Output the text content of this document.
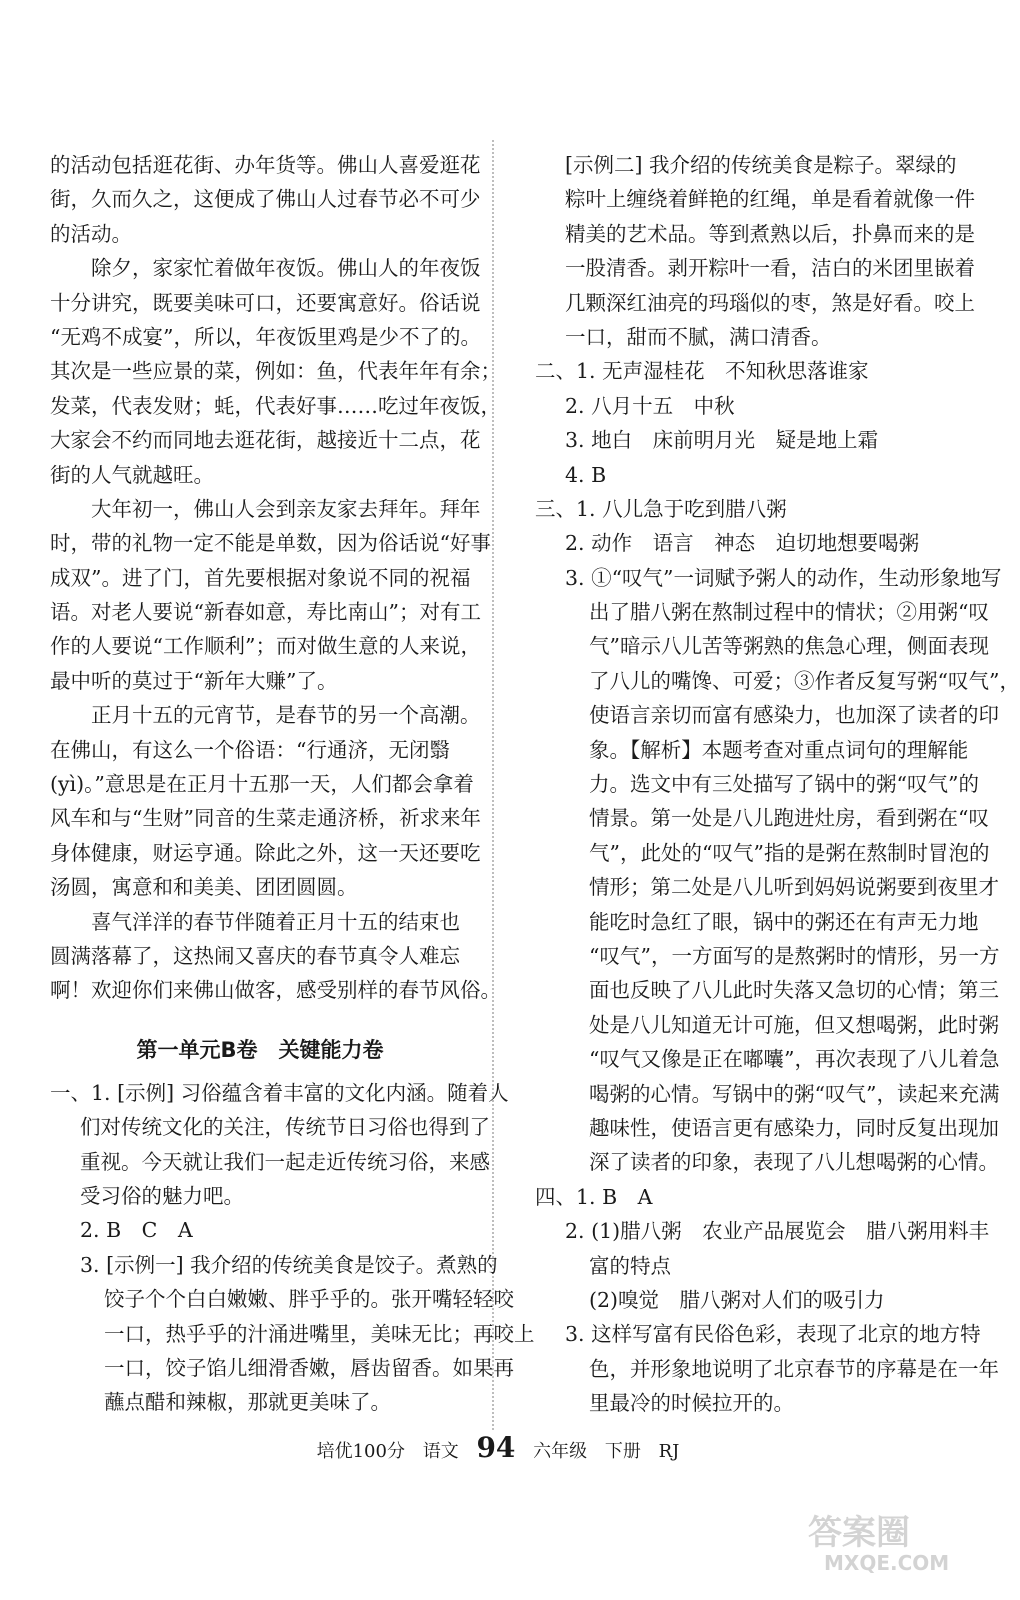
的活动包括逛花街、办年货等。佛山人喜爱逛花
街，久而久之，这便成了佛山人过春节必不可少
的活动。
除夕，家家忙着做年夜饭。佛山人的年夜饭
十分讲究，既要美味可口，还要寓意好。俗话说
“无鸡不成宴”，所以，年夜饭里鸡是少不了的。
其次是一些应景的菜，例如：鱼，代表年年有余；
发菜，代表发财；蚝，代表好事……吃过年夜饭，
大家会不约而同地去逛花街，越接近十二点，花
街的人气就越旺。
大年初一，佛山人会到亲友家去拜年。拜年
时，带的礼物一定不能是单数，因为俗话说“好事
成双”。进了门，首先要根据对象说不同的祝福
语。对老人要说“新春如意，寿比南山”；对有工
作的人要说“工作顺利”；而对做生意的人来说，
最中听的莫过于“新年大赚”了。
正月十五的元宵节，是春节的另一个高潮。
在佛山，有这么一个俗语：“行通济，无闭翳
(yì)。”意思是在正月十五那一天，人们都会拿着
风车和与“生财”同音的生菜走通济桥，祈求来年
身体健康，财运亨通。除此之外，这一天还要吃
汤圆，寓意和和美美、团团圆圆。
喜气洋洋的春节伴随着正月十五的结束也
圆满落幕了，这热闹又喜庆的春节真令人难忘
啊！欢迎你们来佛山做客，感受别样的春节风俗。
第一单元B卷　关键能力卷
一、1. [示例] 习俗蕴含着丰富的文化内涵。随着人
们对传统文化的关注，传统节日习俗也得到了
重视。今天就让我们一起走近传统习俗，来感
受习俗的魅力吧。
2. B　C　A
3. [示例一] 我介绍的传统美食是饺子。煮熟的
饺子个个白白嫩嫩、胖乎乎的。张开嘴轻轻咬
一口，热乎乎的汁涌进嘴里，美味无比；再咬上
一口，饺子馅儿细滑香嫩，唇齿留香。如果再
蘸点醋和辣椒，那就更美味了。
[示例二] 我介绍的传统美食是粽子。翠绿的
粽叶上缠绕着鲜艳的红绳，单是看着就像一件
精美的艺术品。等到煮熟以后，扑鼻而来的是
一股清香。剥开粽叶一看，洁白的米团里嵌着
几颗深红油亮的玛瑙似的枣，煞是好看。咬上
一口，甜而不腻，满口清香。
二、1. 无声湿桂花　不知秋思落谁家
2. 八月十五　中秋
3. 地白　床前明月光　疑是地上霜
4. B
三、1. 八儿急于吃到腊八粥
2. 动作　语言　神态　迫切地想要喝粥
3. ①“叹气”一词赋予粥人的动作，生动形象地写
出了腊八粥在熬制过程中的情状；②用粥“叹
气”暗示八儿苦等粥熟的焦急心理，侧面表现
了八儿的嘴馋、可爱；③作者反复写粥“叹气”，
使语言亲切而富有感染力，也加深了读者的印
象。【解析】本题考查对重点词句的理解能
力。选文中有三处描写了锅中的粥“叹气”的
情景。第一处是八儿跑进灶房，看到粥在“叹
气”，此处的“叹气”指的是粥在熬制时冒泡的
情形；第二处是八儿听到妈妈说粥要到夜里才
能吃时急红了眼，锅中的粥还在有声无力地
“叹气”，一方面写的是熬粥时的情形，另一方
面也反映了八儿此时失落又急切的心情；第三
处是八儿知道无计可施，但又想喝粥，此时粥
“叹气又像是正在嘟囔”，再次表现了八儿着急
喝粥的心情。写锅中的粥“叹气”，读起来充满
趣味性，使语言更有感染力，同时反复出现加
深了读者的印象，表现了八儿想喝粥的心情。
四、1. B　A
2. (1)腊八粥　农业产品展览会　腊八粥用料丰
富的特点
(2)嗅觉　腊八粥对人们的吸引力
3. 这样写富有民俗色彩，表现了北京的地方特
色，并形象地说明了北京春节的序幕是在一年
里最冷的时候拉开的。
培优100分 语文 94 六年级 下册 RJ
答案圈
MXQE.COM
